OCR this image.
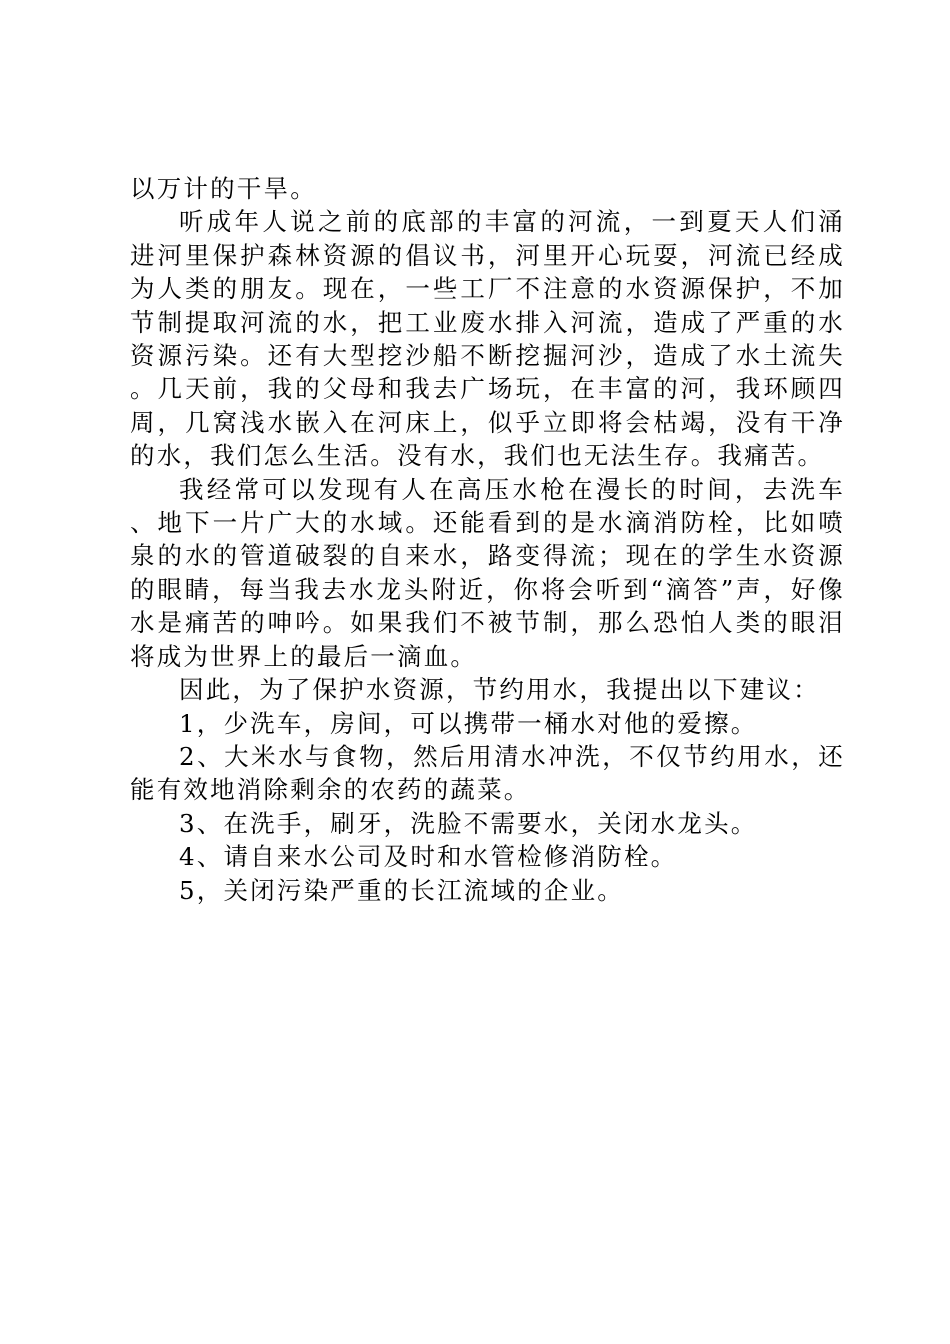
以万计的干旱。

听成年人说之前的底部的丰富的河流，一到夏天人们涌进河里保护森林资源的倡议书，河里开心玩耍，河流已经成为人类的朋友。现在，一些工厂不注意的水资源保护，不加节制提取河流的水，把工业废水排入河流，造成了严重的水资源污染。还有大型挖沙船不断挖掘河沙，造成了水土流失。几天前，我的父母和我去广场玩，在丰富的河，我环顾四周，几窝浅水嵌入在河床上，似乎立即将会枯竭，没有干净的水，我们怎么生活。没有水，我们也无法生存。我痛苦。

我经常可以发现有人在高压水枪在漫长的时间，去洗车、地下一片广大的水域。还能看到的是水滴消防栓，比如喷泉的水的管道破裂的自来水，路变得流；现在的学生水资源的眼睛，每当我去水龙头附近，你将会听到“滴答”声，好像水是痛苦的呻吟。如果我们不被节制，那么恐怕人类的眼泪将成为世界上的最后一滴血。

因此，为了保护水资源，节约用水，我提出以下建议：

1，少洗车，房间，可以携带一桶水对他的爱擦。

2、大米水与食物，然后用清水冲洗，不仅节约用水，还能有效地消除剩余的农药的蔬菜。

3、在洗手，刷牙，洗脸不需要水，关闭水龙头。

4、请自来水公司及时和水管检修消防栓。

5，关闭污染严重的长江流域的企业。
